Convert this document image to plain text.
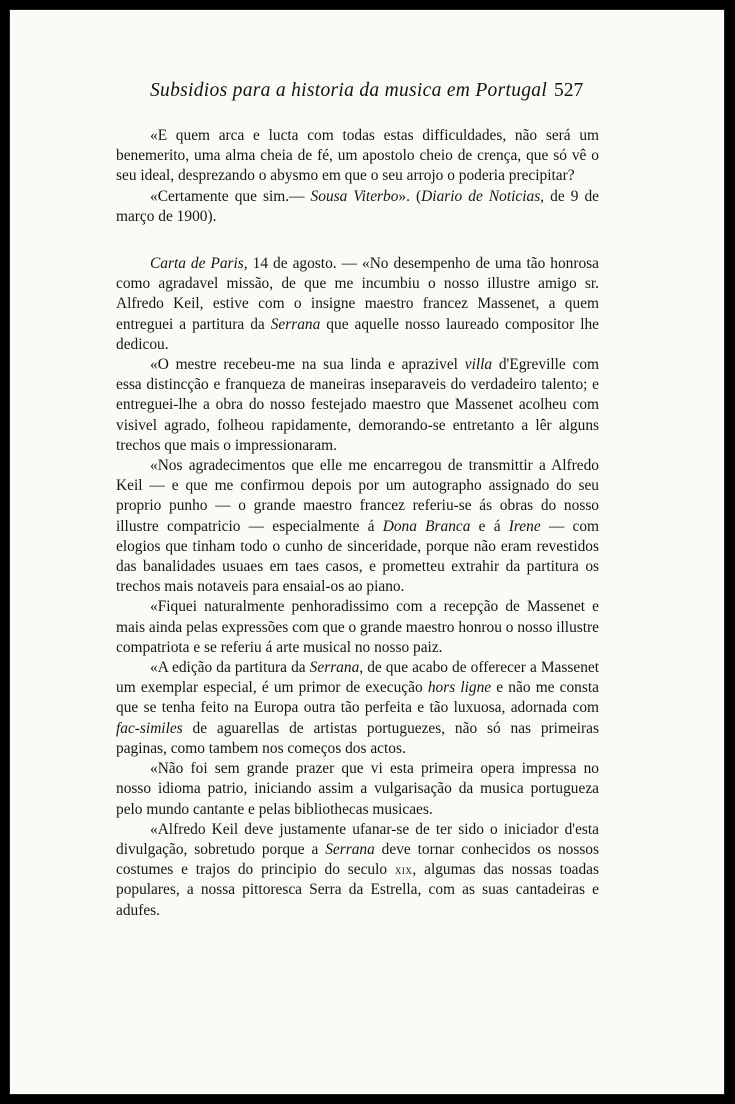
Subsidios para a historia da musica em Portugal 527

«E quem arca e lucta com todas estas difficuldades, não será um benemerito, uma alma cheia de fé, um apostolo cheio de crença, que só vê o seu ideal, desprezando o abysmo em que o seu arrojo o poderia precipitar?

«Certamente que sim.— Sousa Viterbo». (Diario de Noticias, de 9 de março de 1900).

Carta de Paris, 14 de agosto. — «No desempenho de uma tão honrosa como agradavel missão, de que me incumbiu o nosso illustre amigo sr. Alfredo Keil, estive com o insigne maestro francez Massenet, a quem entreguei a partitura da Serrana que aquelle nosso laureado compositor lhe dedicou.

«O mestre recebeu-me na sua linda e aprazivel villa d'Egreville com essa distincção e franqueza de maneiras inseparaveis do verdadeiro talento; e entreguei-lhe a obra do nosso festejado maestro que Massenet acolheu com visivel agrado, folheou rapidamente, demorando-se entretanto a lêr alguns trechos que mais o impressionaram.

«Nos agradecimentos que elle me encarregou de transmittir a Alfredo Keil — e que me confirmou depois por um autographo assignado do seu proprio punho — o grande maestro francez referiu-se ás obras do nosso illustre compatricio — especialmente á Dona Branca e á Irene — com elogios que tinham todo o cunho de sinceridade, porque não eram revestidos das banalidades usuaes em taes casos, e prometteu extrahir da partitura os trechos mais notaveis para ensaial-os ao piano.

«Fiquei naturalmente penhoradissimo com a recepção de Massenet e mais ainda pelas expressões com que o grande maestro honrou o nosso illustre compatriota e se referiu á arte musical no nosso paiz.

«A edição da partitura da Serrana, de que acabo de offerecer a Massenet um exemplar especial, é um primor de execução hors ligne e não me consta que se tenha feito na Europa outra tão perfeita e tão luxuosa, adornada com fac-similes de aguarellas de artistas portuguezes, não só nas primeiras paginas, como tambem nos começos dos actos.

«Não foi sem grande prazer que vi esta primeira opera impressa no nosso idioma patrio, iniciando assim a vulgarisação da musica portugueza pelo mundo cantante e pelas bibliothecas musicaes.

«Alfredo Keil deve justamente ufanar-se de ter sido o iniciador d'esta divulgação, sobretudo porque a Serrana deve tornar conhecidos os nossos costumes e trajos do principio do seculo xix, algumas das nossas toadas populares, a nossa pittoresca Serra da Estrella, com as suas cantadeiras e adufes.
